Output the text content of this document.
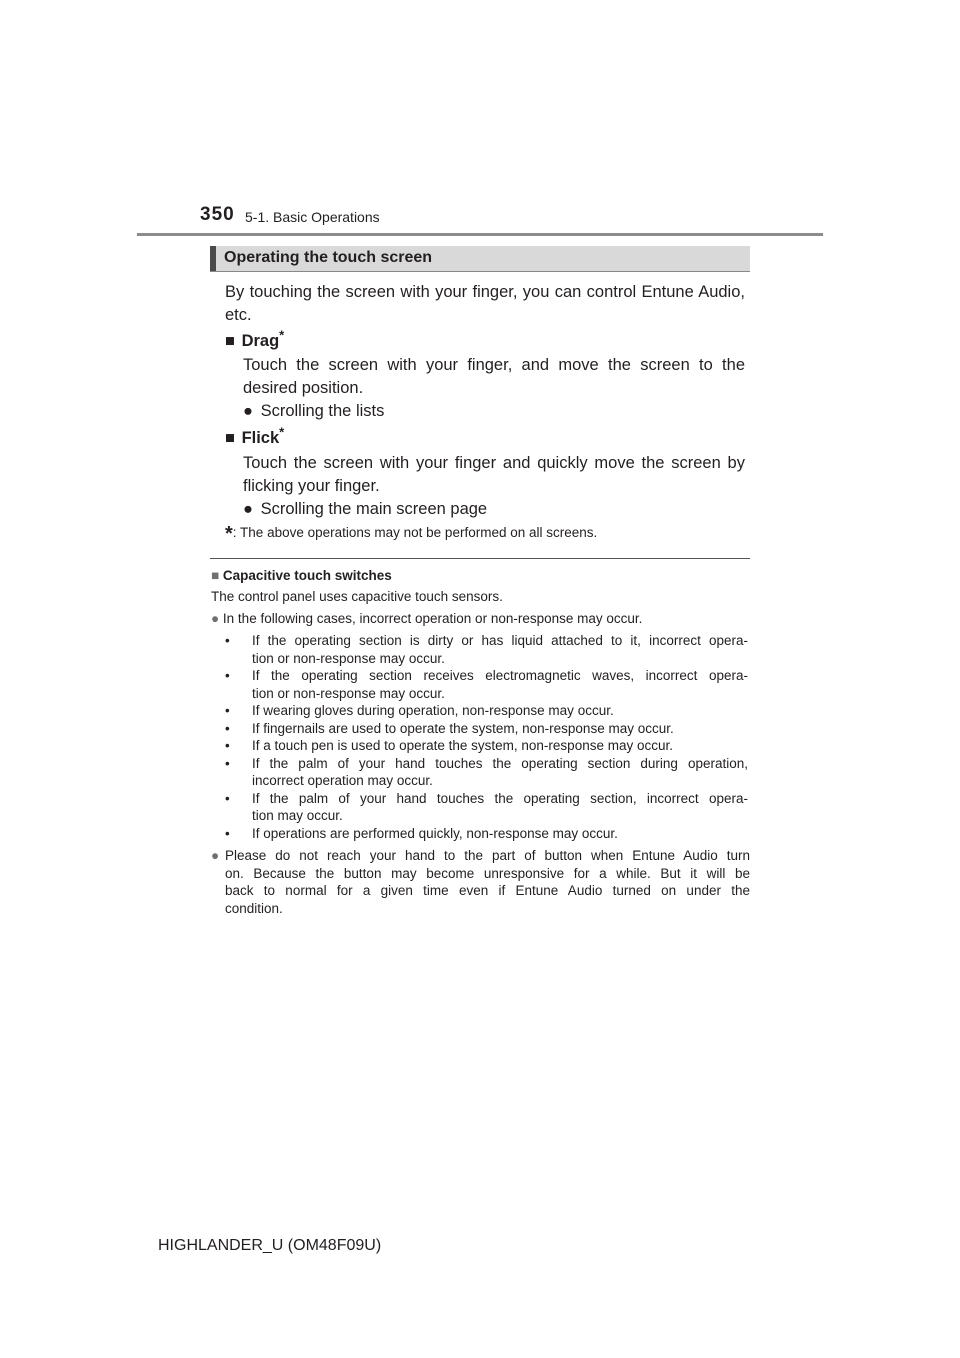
350 5-1. Basic Operations
Operating the touch screen
By touching the screen with your finger, you can control Entune Audio,
etc.
■ Drag*
Touch the screen with your finger, and move the screen to the
desired position.
● Scrolling the lists
■ Flick*
Touch the screen with your finger and quickly move the screen by
flicking your finger.
● Scrolling the main screen page
*: The above operations may not be performed on all screens.
■ Capacitive touch switches
The control panel uses capacitive touch sensors.
● In the following cases, incorrect operation or non-response may occur.
• If the operating section is dirty or has liquid attached to it, incorrect opera-
tion or non-response may occur.
• If the operating section receives electromagnetic waves, incorrect opera-
tion or non-response may occur.
• If wearing gloves during operation, non-response may occur.
• If fingernails are used to operate the system, non-response may occur.
• If a touch pen is used to operate the system, non-response may occur.
• If the palm of your hand touches the operating section during operation,
incorrect operation may occur.
• If the palm of your hand touches the operating section, incorrect opera-
tion may occur.
• If operations are performed quickly, non-response may occur.
● Please do not reach your hand to the part of button when Entune Audio turn
on. Because the button may become unresponsive for a while. But it will be
back to normal for a given time even if Entune Audio turned on under the
condition.
HIGHLANDER_U (OM48F09U)
